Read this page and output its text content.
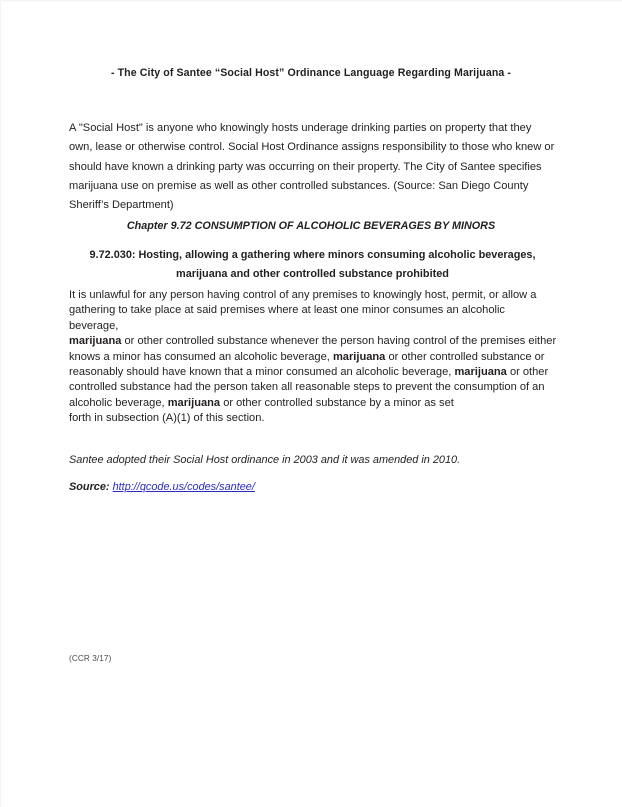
- The City of Santee “Social Host” Ordinance Language Regarding Marijuana -
A "Social Host" is anyone who knowingly hosts underage drinking parties on property that they own, lease or otherwise control. Social Host Ordinance assigns responsibility to those who knew or should have known a drinking party was occurring on their property. The City of Santee specifies marijuana use on premise as well as other controlled substances. (Source: San Diego County Sheriff’s Department)
Chapter 9.72 CONSUMPTION OF ALCOHOLIC BEVERAGES BY MINORS
9.72.030: Hosting, allowing a gathering where minors consuming alcoholic beverages, marijuana and other controlled substance prohibited
It is unlawful for any person having control of any premises to knowingly host, permit, or allow a
gathering to take place at said premises where at least one minor consumes an alcoholic beverage,
marijuana or other controlled substance whenever the person having control of the premises either
knows a minor has consumed an alcoholic beverage, marijuana or other controlled substance or
reasonably should have known that a minor consumed an alcoholic beverage, marijuana or other
controlled substance had the person taken all reasonable steps to prevent the consumption of an
alcoholic beverage, marijuana or other controlled substance by a minor as set
forth in subsection (A)(1) of this section.
Santee adopted their Social Host ordinance in 2003 and it was amended in 2010.
Source: http://qcode.us/codes/santee/
(CCR 3/17)
